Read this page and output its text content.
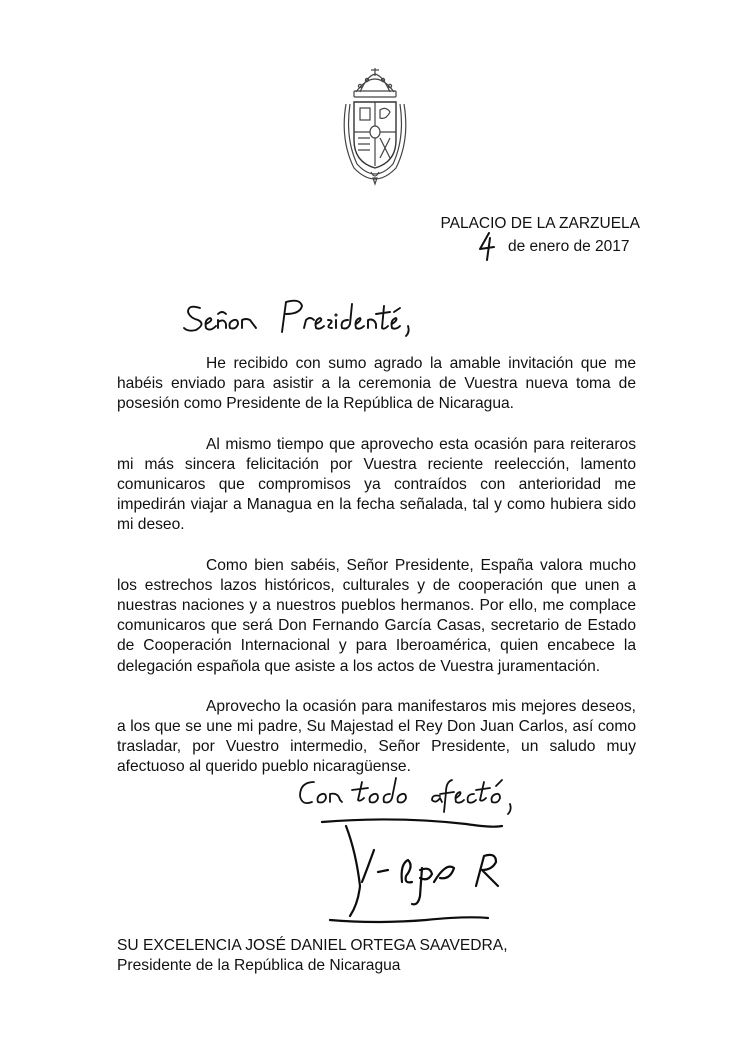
PALACIO DE LA ZARZUELA
de enero de 2017

He recibido con sumo agrado la amable invitación que me habéis enviado para asistir a la ceremonia de Vuestra nueva toma de posesión como Presidente de la República de Nicaragua.

Al mismo tiempo que aprovecho esta ocasión para reiteraros mi más sincera felicitación por Vuestra reciente reelección, lamento comunicaros que compromisos ya contraídos con anterioridad me impedirán viajar a Managua en la fecha señalada, tal y como hubiera sido mi deseo.

Como bien sabéis, Señor Presidente, España valora mucho los estrechos lazos históricos, culturales y de cooperación que unen a nuestras naciones y a nuestros pueblos hermanos. Por ello, me complace comunicaros que será Don Fernando García Casas, secretario de Estado de Cooperación Internacional y para Iberoamérica, quien encabece la delegación española que asiste a los actos de Vuestra juramentación.

Aprovecho la ocasión para manifestaros mis mejores deseos, a los que se une mi padre, Su Majestad el Rey Don Juan Carlos, así como trasladar, por Vuestro intermedio, Señor Presidente, un saludo muy afectuoso al querido pueblo nicaragüense.

SU EXCELENCIA JOSÉ DANIEL ORTEGA SAAVEDRA,
Presidente de la República de Nicaragua
